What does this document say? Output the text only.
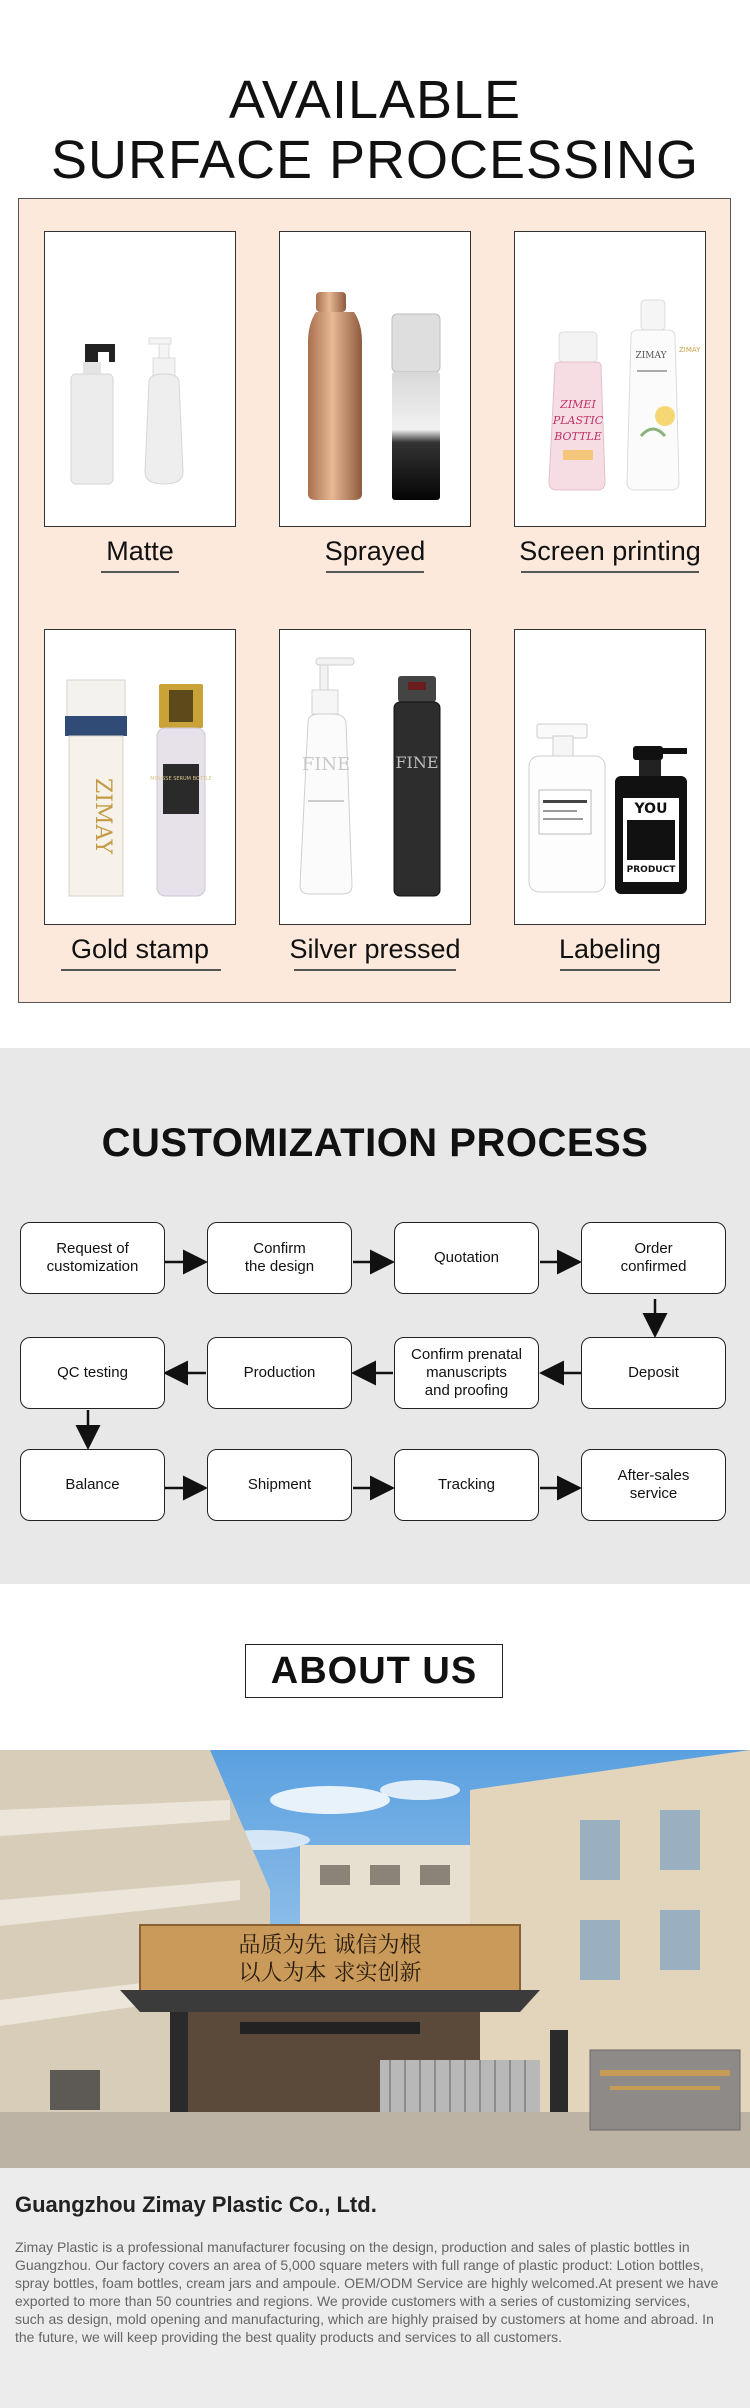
AVAILABLE
SURFACE PROCESSING
Matte	Sprayed
ZIMEI
PLASTIC
BOTTLE
ZIMAY
ZIMAY
Screen printing
ZIMAY	MOUSSE SERUM BOTTLE
Gold stamp
FINE	FINE
Silver pressed
YOU
PRODUCT
Labeling
CUSTOMIZATION PROCESS
Request of
customization
Confirm
the design
Quotation
Order
confirmed
QC testing	Production
Confirm prenatal
manuscripts
and proofing
Deposit
Balance	Shipment	Tracking
After-sales
service
ABOUT US
品质为先 诚信为根
以人为本 求实创新
Guangzhou Zimay Plastic Co., Ltd.

Zimay Plastic is a professional manufacturer focusing on the design, production and sales of plastic bottles in Guangzhou. Our factory covers an area of 5,000 square meters with full range of plastic product: Lotion bottles, spray bottles, foam bottles, cream jars and ampoule. OEM/ODM Service are highly welcomed.At present we have exported to more than 50 countries and regions. We provide customers with a series of customizing services, such as design, mold opening and manufacturing, which are highly praised by customers at home and abroad. In the future, we will keep providing the best quality products and services to all customers.
